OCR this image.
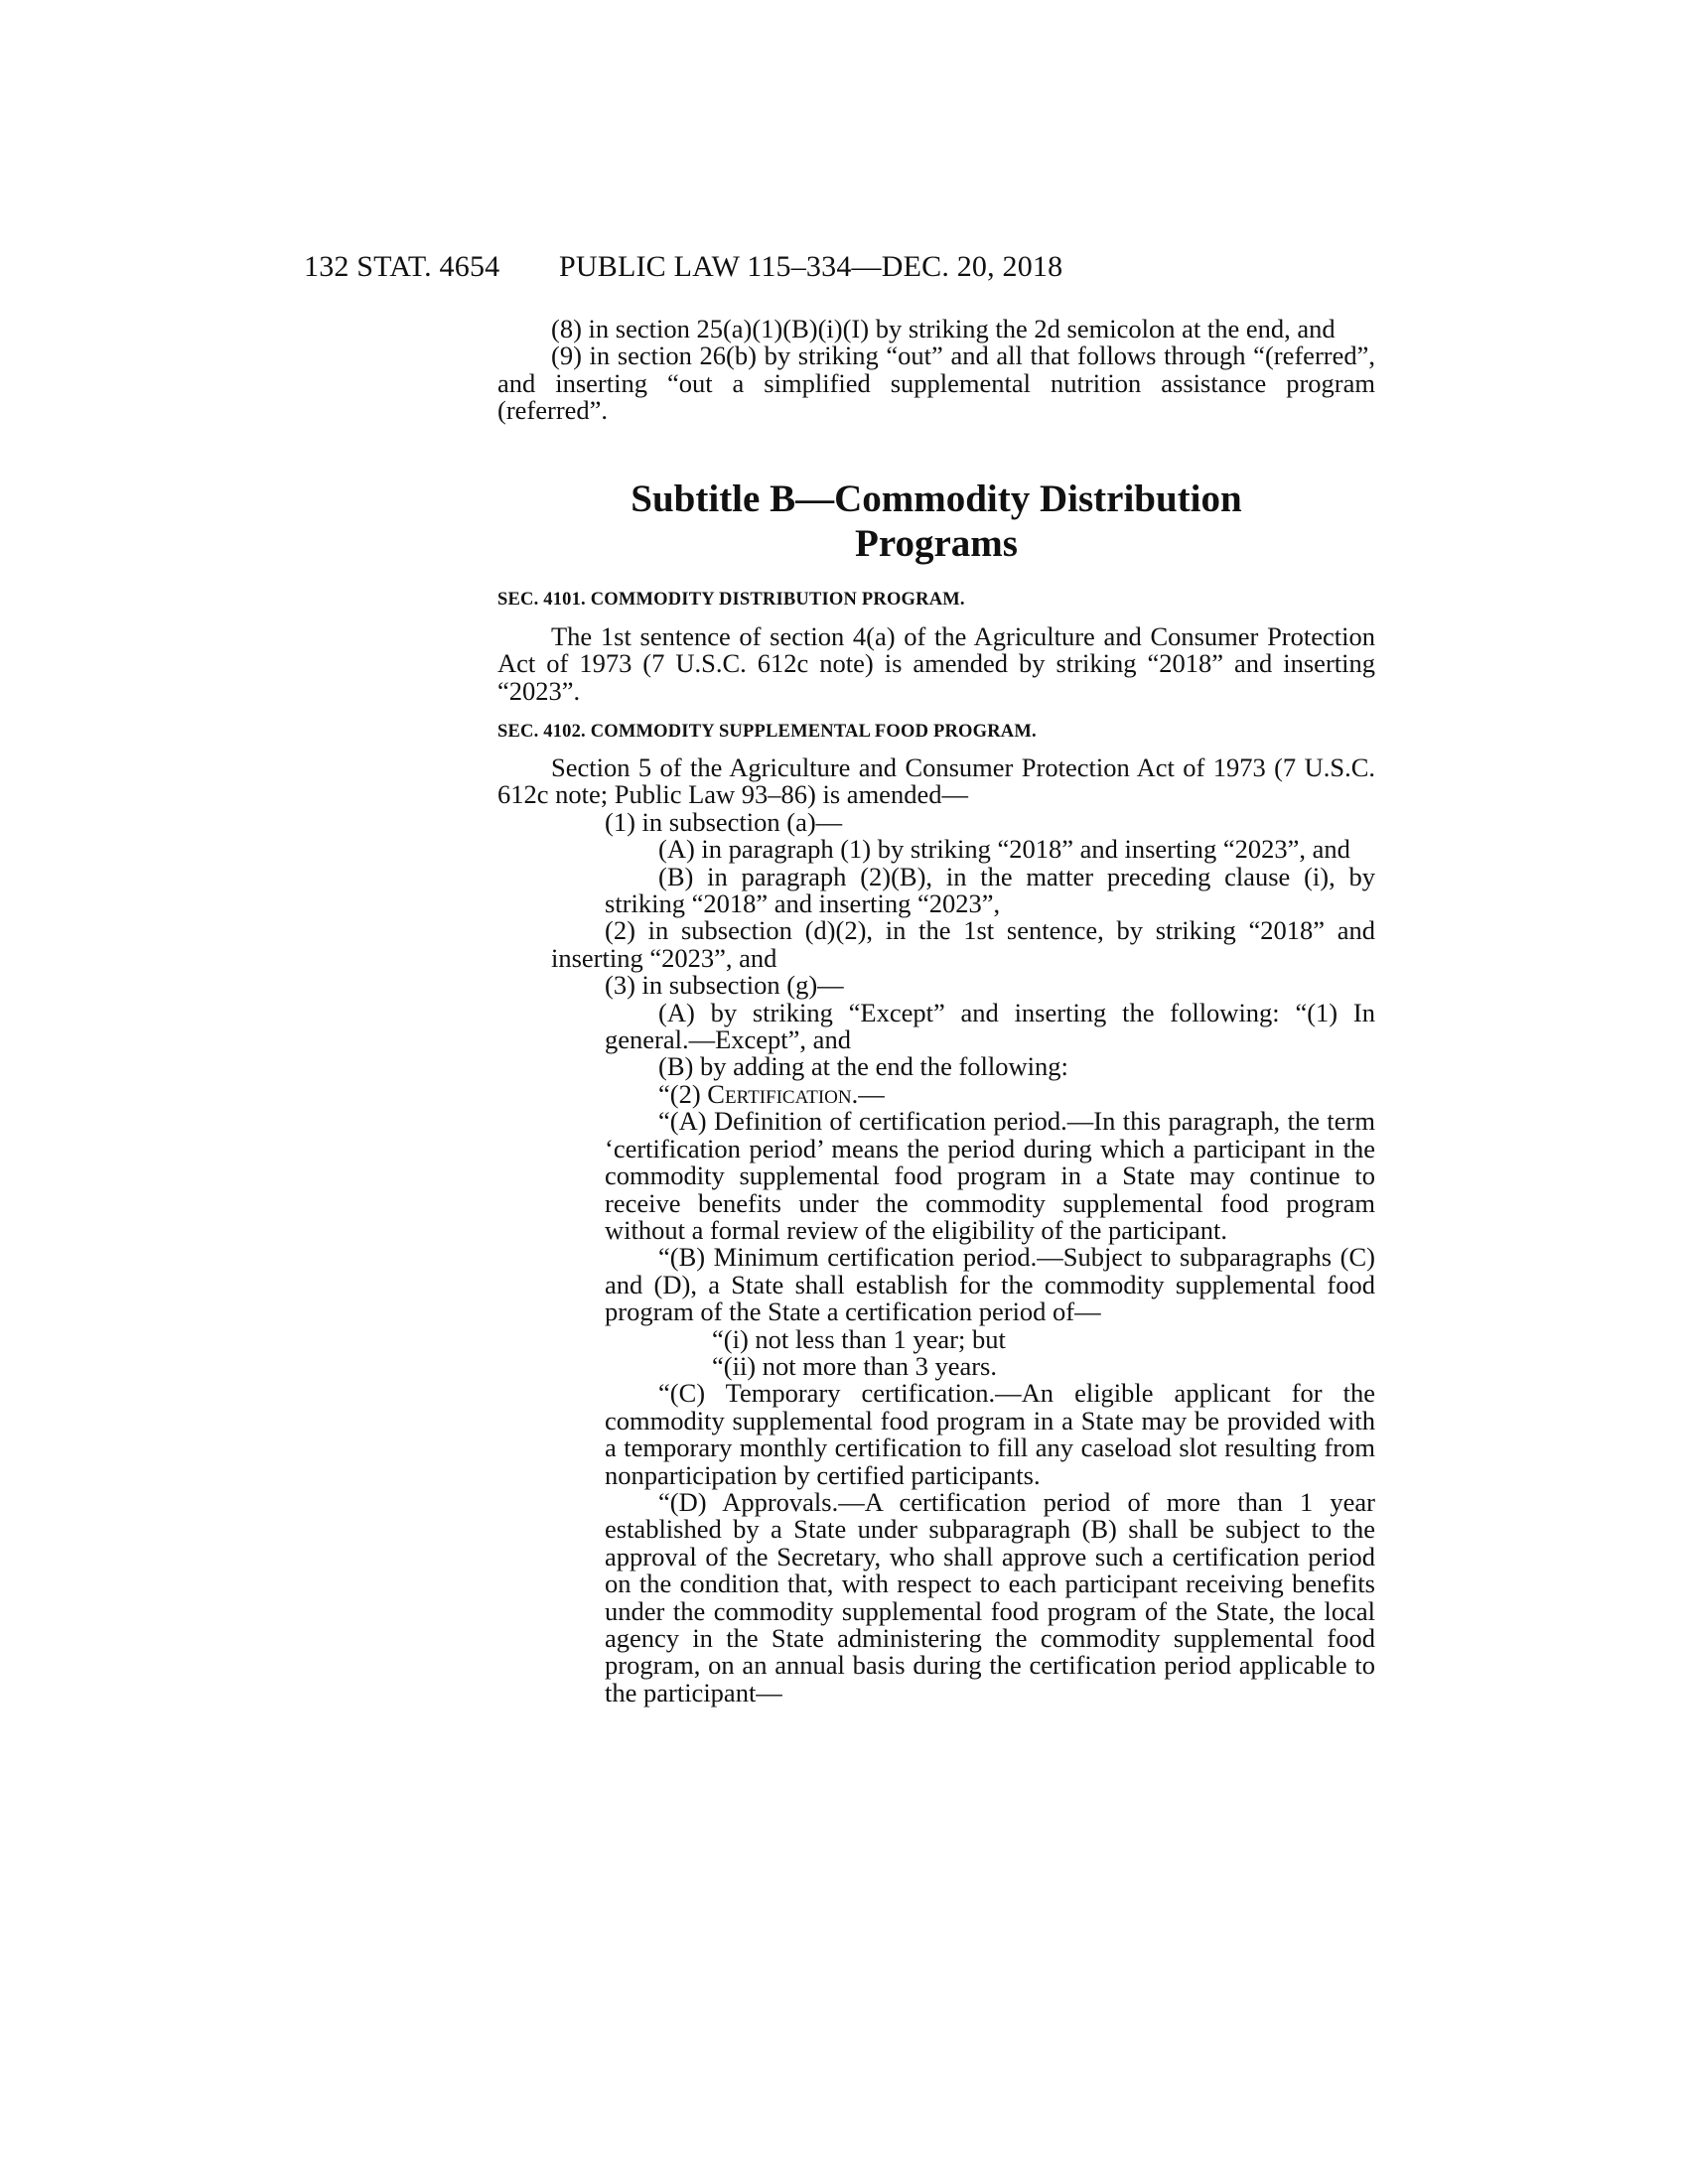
132 STAT. 4654 PUBLIC LAW 115–334—DEC. 20, 2018

(8) in section 25(a)(1)(B)(i)(I) by striking the 2d semicolon at the end, and

(9) in section 26(b) by striking “out” and all that follows through “(referred”, and inserting “out a simplified supplemental nutrition assistance program (referred”.

Subtitle B—Commodity Distribution
Programs
SEC. 4101. COMMODITY DISTRIBUTION PROGRAM.

The 1st sentence of section 4(a) of the Agriculture and Consumer Protection Act of 1973 (7 U.S.C. 612c note) is amended by striking “2018” and inserting “2023”.

SEC. 4102. COMMODITY SUPPLEMENTAL FOOD PROGRAM.

Section 5 of the Agriculture and Consumer Protection Act of 1973 (7 U.S.C. 612c note; Public Law 93–86) is amended—

(1) in subsection (a)—

(A) in paragraph (1) by striking “2018” and inserting “2023”, and

(B) in paragraph (2)(B), in the matter preceding clause (i), by striking “2018” and inserting “2023”,

(2) in subsection (d)(2), in the 1st sentence, by striking “2018” and inserting “2023”, and

(3) in subsection (g)—

(A) by striking “Except” and inserting the following: “(1) In general.—Except”, and

(B) by adding at the end the following:

“(2) Certification.—

“(A) Definition of certification period.—In this paragraph, the term ‘certification period’ means the period during which a participant in the commodity supplemental food program in a State may continue to receive benefits under the commodity supplemental food program without a formal review of the eligibility of the participant.

“(B) Minimum certification period.—Subject to subparagraphs (C) and (D), a State shall establish for the commodity supplemental food program of the State a certification period of—

“(i) not less than 1 year; but

“(ii) not more than 3 years.

“(C) Temporary certification.—An eligible applicant for the commodity supplemental food program in a State may be provided with a temporary monthly certification to fill any caseload slot resulting from nonparticipation by certified participants.

“(D) Approvals.—A certification period of more than 1 year established by a State under subparagraph (B) shall be subject to the approval of the Secretary, who shall approve such a certification period on the condition that, with respect to each participant receiving benefits under the commodity supplemental food program of the State, the local agency in the State administering the commodity supplemental food program, on an annual basis during the certification period applicable to the participant—
